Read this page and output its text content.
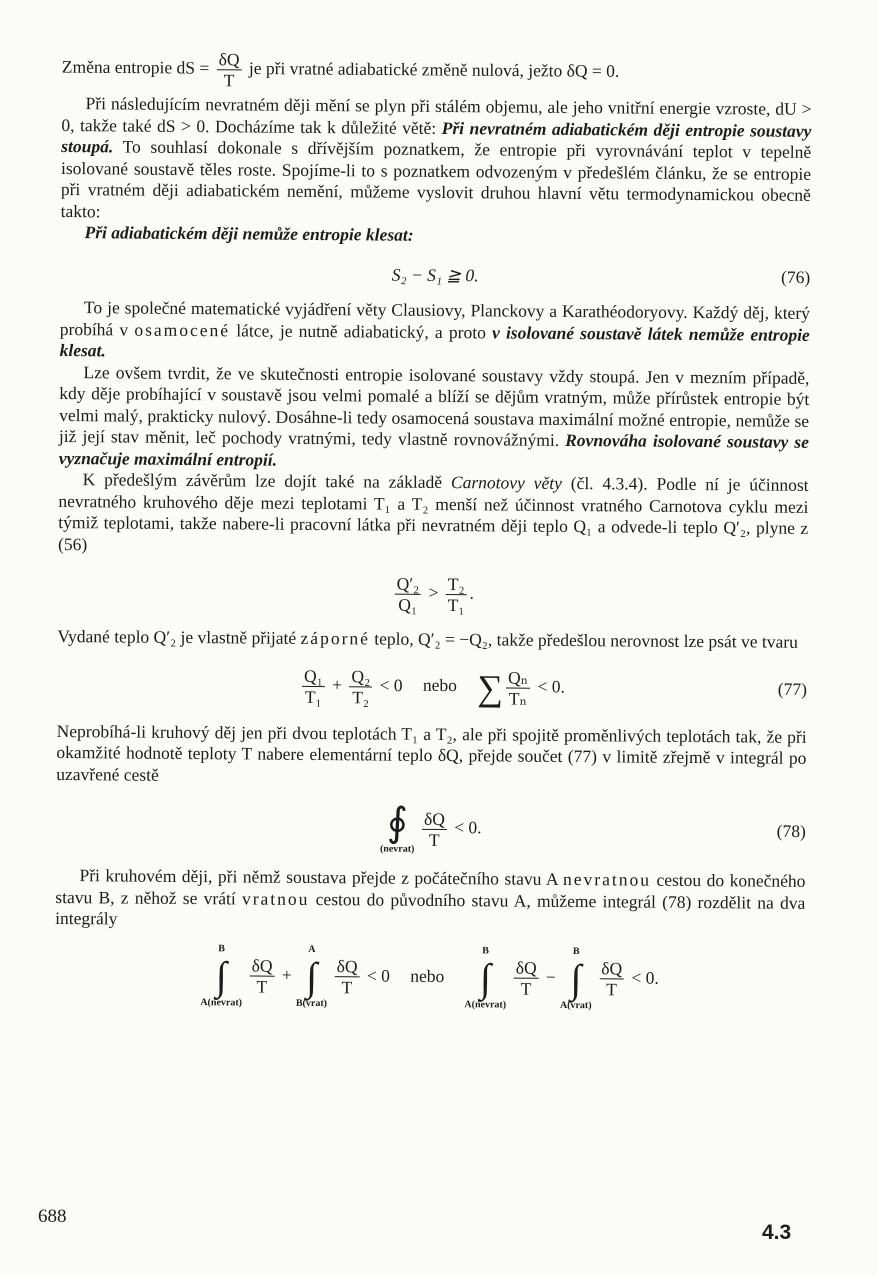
Změna entropie dS = $\frac{\delta Q}{T}$ je při vratné adiabatické změně nulová, ježto δQ = 0.

Při následujícím nevratném ději mění se plyn při stálém objemu, ale jeho vnitřní energie vzroste, dU > 0, takže také dS > 0. Docházíme tak k důležité větě: Při nevratném adiabatickém ději entropie soustavy stoupá. To souhlasí dokonale s dřívějším poznatkem, že entropie při vyrovnávání teplot v tepelně isolované soustavě těles roste. Spojíme-li to s poznatkem odvozeným v předešlém článku, že se entropie při vratném ději adiabatickém nemění, můžeme vyslovit druhou hlavní větu termodynamickou obecně takto:

Při adiabatickém ději nemůže entropie klesat:

S₂ − S₁ ≧ 0.	(76)

To je společné matematické vyjádření věty Clausiovy, Planckovy a Karathéodoryovy. Každý děj, který probíhá v osamocené látce, je nutně adiabatický, a proto v isolované soustavě látek nemůže entropie klesat.

Lze ovšem tvrdit, že ve skutečnosti entropie isolované soustavy vždy stoupá. Jen v mezním případě, kdy děje probíhající v soustavě jsou velmi pomalé a blíží se dějům vratným, může přírůstek entropie být velmi malý, prakticky nulový. Dosáhne-li tedy osamocená soustava maximální možné entropie, nemůže se již její stav měnit, leč pochody vratnými, tedy vlastně rovnovážnými. Rovnováha isolované soustavy se vyznačuje maximální entropií.

K předešlým závěrům lze dojít také na základě Carnotovy věty (čl. 4.3.4). Podle ní je účinnost nevratného kruhového děje mezi teplotami T₁ a T₂ menší než účinnost vratného Carnotova cyklu mezi týmiž teplotami, takže nabere-li pracovní látka při nevratném ději teplo Q₁ a odvede-li teplo Q′₂, plyne z (56)

$\frac{\text{Q′₂}}{\text{Q₁}} > \frac{\text{T₂}}{\text{T₁}}$ .

Vydané teplo Q′₂ je vlastně přijaté záporné teplo, Q′₂ = −Q₂, takže předešlou nerovnost lze psát ve tvaru

$\frac{\text{Q₁}}{\text{T₁}} + \frac{\text{Q₂}}{\text{T₂}} < 0$ nebo ∑ $\frac{\text{Qₙ}}{\text{Tₙ}} < 0$.	(77)

Neprobíhá-li kruhový děj jen při dvou teplotách T₁ a T₂, ale při spojitě proměnlivých teplotách tak, že při okamžité hodnotě teploty T nabere elementární teplo δQ, přejde součet (77) v limitě zřejmě v integrál po uzavřené cestě

∮
(nevrat)
$\frac{\delta Q}{T} < 0$.	(78)

Při kruhovém ději, při němž soustava přejde z počátečního stavu A nevratnou cestou do konečného stavu B, z něhož se vrátí vratnou cestou do původního stavu A, můžeme integrál (78) rozdělit na dva integrály

B
∫
A(nevrat)

$\frac{\delta Q}{T}$ +
A
∫
B(vrat)

$\frac{\delta Q}{T} < 0$ nebo
B
∫
A(nevrat)

$\frac{\delta Q}{T}$ −
B
∫
A(vrat)

$\frac{\delta Q}{T} < 0$.
688
4.3
